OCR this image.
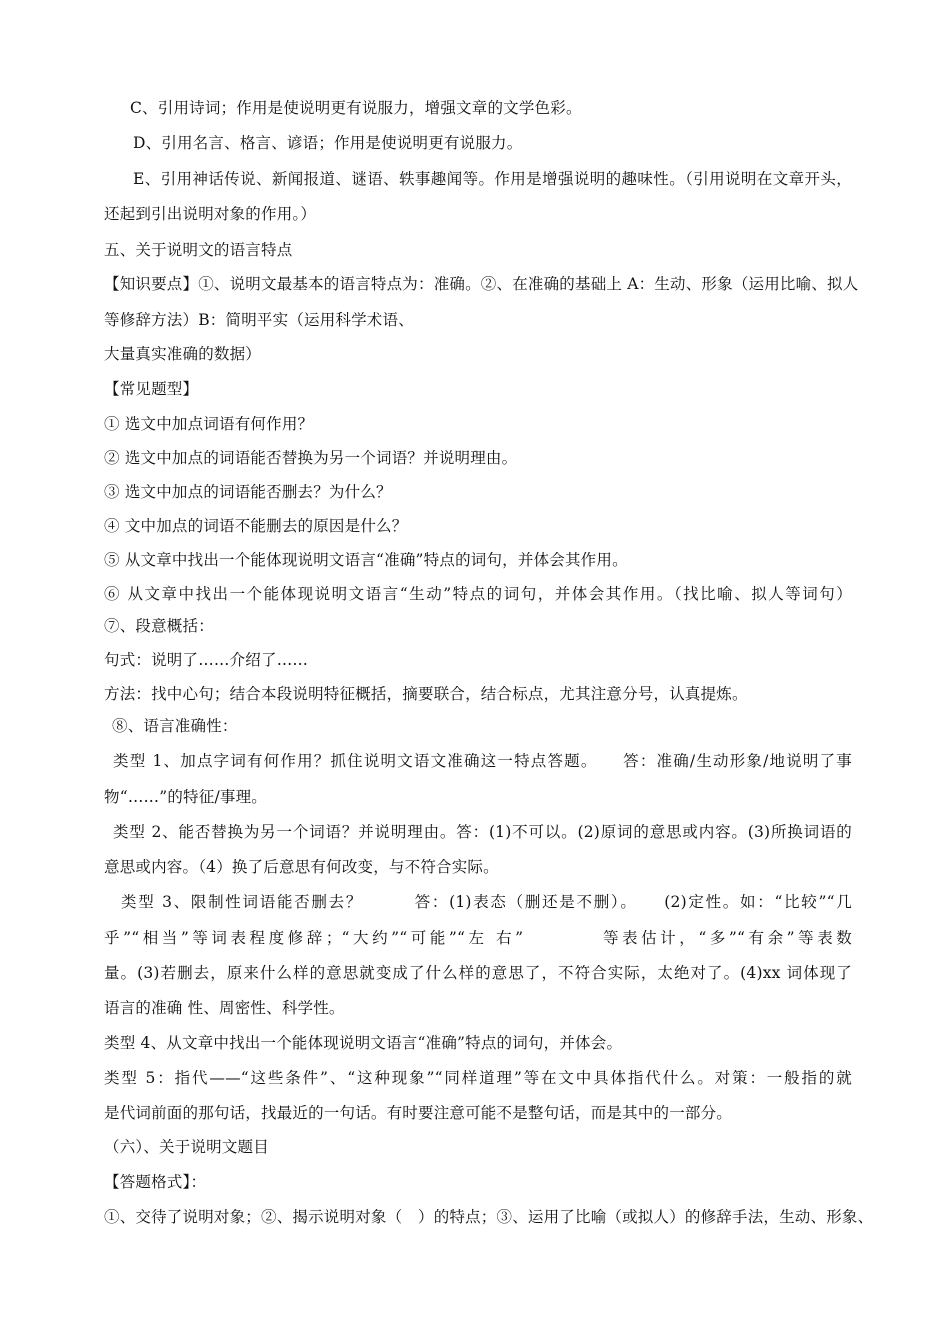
C、引用诗词；作用是使说明更有说服力，增强文章的文学色彩。
D、引用名言、格言、谚语；作用是使说明更有说服力。
E、引用神话传说、新闻报道、谜语、轶事趣闻等。作用是增强说明的趣味性。（引用说明在文章开头，
还起到引出说明对象的作用。）
五、关于说明文的语言特点
【知识要点】①、说明文最基本的语言特点为：准确。②、在准确的基础上 A：生动、形象（运用比喻、拟人
等修辞方法）B：简明平实（运用科学术语、
大量真实准确的数据）
【常见题型】
① 选文中加点词语有何作用？
② 选文中加点的词语能否替换为另一个词语？并说明理由。
③ 选文中加点的词语能否删去？为什么？
④ 文中加点的词语不能删去的原因是什么？
⑤ 从文章中找出一个能体现说明文语言“准确”特点的词句，并体会其作用。
⑥ 从文章中找出一个能体现说明文语言“生动”特点的词句，并体会其作用。（找比喻、拟人等词句）
⑦、段意概括：
句式：说明了……介绍了……
方法：找中心句；结合本段说明特征概括，摘要联合，结合标点，尤其注意分号，认真提炼。
⑧、语言准确性：
类型 1、加点字词有何作用？抓住说明文语文准确这一特点答题。　　答：准确/生动形象/地说明了事
物“……”的特征/事理。
类型 2、能否替换为另一个词语？并说明理由。答：(1)不可以。(2)原词的意思或内容。(3)所换词语的
意思或内容。（4）换了后意思有何改变，与不符合实际。
类型 3、限制性词语能否删去？　　　答：(1)表态（删还是不删）。　　(2)定性。如：“比较”“几
乎”“相当”等词表程度修辞；“大约”“可能”“左 右”　　　　等表估计，“多”“有余”等表数
量。(3)若删去，原来什么样的意思就变成了什么样的意思了，不符合实际，太绝对了。(4)xx 词体现了
语言的准确 性、周密性、科学性。
类型 4、从文章中找出一个能体现说明文语言“准确”特点的词句，并体会。
类型 5：指代——“这些条件”、“这种现象”“同样道理”等在文中具体指代什么。对策：一般指的就
是代词前面的那句话，找最近的一句话。有时要注意可能不是整句话，而是其中的一部分。
（六）、关于说明文题目
【答题格式】：
①、交待了说明对象；②、揭示说明对象（　）的特点；③、运用了比喻（或拟人）的修辞手法，生动、形象、
